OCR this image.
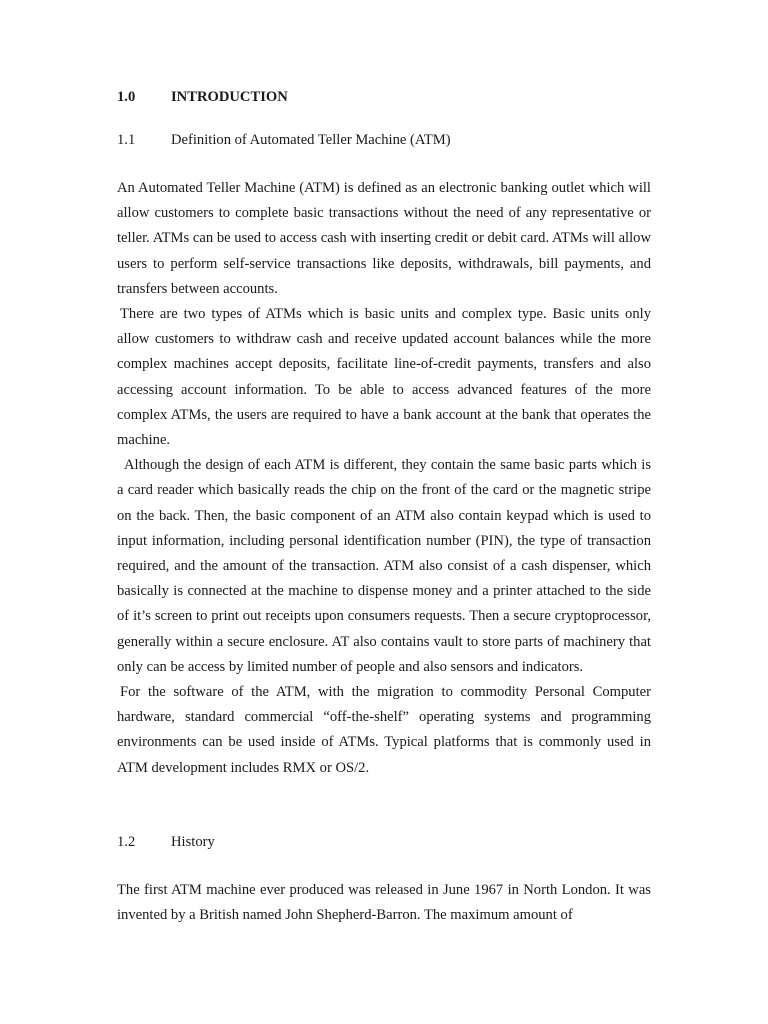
1.0 INTRODUCTION
1.1 Definition of Automated Teller Machine (ATM)

An Automated Teller Machine (ATM) is defined as an electronic banking outlet which will allow customers to complete basic transactions without the need of any representative or teller. ATMs can be used to access cash with inserting credit or debit card. ATMs will allow users to perform self-service transactions like deposits, withdrawals, bill payments, and transfers between accounts.

There are two types of ATMs which is basic units and complex type. Basic units only allow customers to withdraw cash and receive updated account balances while the more complex machines accept deposits, facilitate line-of-credit payments, transfers and also accessing account information. To be able to access advanced features of the more complex ATMs, the users are required to have a bank account at the bank that operates the machine.

Although the design of each ATM is different, they contain the same basic parts which is a card reader which basically reads the chip on the front of the card or the magnetic stripe on the back. Then, the basic component of an ATM also contain keypad which is used to input information, including personal identification number (PIN), the type of transaction required, and the amount of the transaction. ATM also consist of a cash dispenser, which basically is connected at the machine to dispense money and a printer attached to the side of it’s screen to print out receipts upon consumers requests. Then a secure cryptoprocessor, generally within a secure enclosure. AT also contains vault to store parts of machinery that only can be access by limited number of people and also sensors and indicators.

For the software of the ATM, with the migration to commodity Personal Computer hardware, standard commercial “off-the-shelf” operating systems and programming environments can be used inside of ATMs. Typical platforms that is commonly used in ATM development includes RMX or OS/2.

1.2 History

The first ATM machine ever produced was released in June 1967 in North London. It was invented by a British named John Shepherd-Barron. The maximum amount of
